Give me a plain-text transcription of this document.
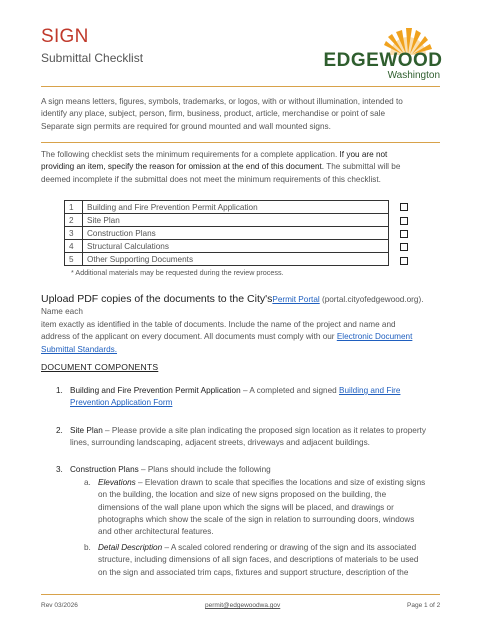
SIGN
Submittal Checklist	EDGEWOOD
Washington
A sign means letters, figures, symbols, trademarks, or logos, with or without illumination, intended to
identify any place, subject, person, firm, business, product, article, merchandise or point of sale
Separate sign permits are required for ground mounted and wall mounted signs.
The following checklist sets the minimum requirements for a complete application. If you are not
providing an item, specify the reason for omission at the end of this document. The submittal will be
deemed incomplete if the submittal does not meet the minimum requirements of this checklist.
1	Building and Fire Prevention Permit Application
2	Site Plan
3	Construction Plans
4	Structural Calculations
5	Other Supporting Documents
* Additional materials may be requested during the review process.
Upload PDF copies of the documents to the City'sPermit Portal (portal.cityofedgewood.org). Name each
item exactly as identified in the table of documents. Include the name of the project and name and
address of the applicant on every document. All documents must comply with our Electronic Document
Submittal Standards.
DOCUMENT COMPONENTS
1. Building and Fire Prevention Permit Application – A completed and signed Building and Fire
Prevention Application Form
2. Site Plan – Please provide a site plan indicating the proposed sign location as it relates to property
lines, surrounding landscaping, adjacent streets, driveways and adjacent buildings.
3. Construction Plans – Plans should include the following
a. Elevations – Elevation drawn to scale that specifies the locations and size of existing signs
on the building, the location and size of new signs proposed on the building, the
dimensions of the wall plane upon which the signs will be placed, and drawings or
photographs which show the scale of the sign in relation to surrounding doors, windows
and other architectural features.
b. Detail Description – A scaled colored rendering or drawing of the sign and its associated
structure, including dimensions of all sign faces, and descriptions of materials to be used
on the sign and associated trim caps, fixtures and support structure, description of the
Rev 03/2026	permit@edgewoodwa.gov	Page 1 of 2
